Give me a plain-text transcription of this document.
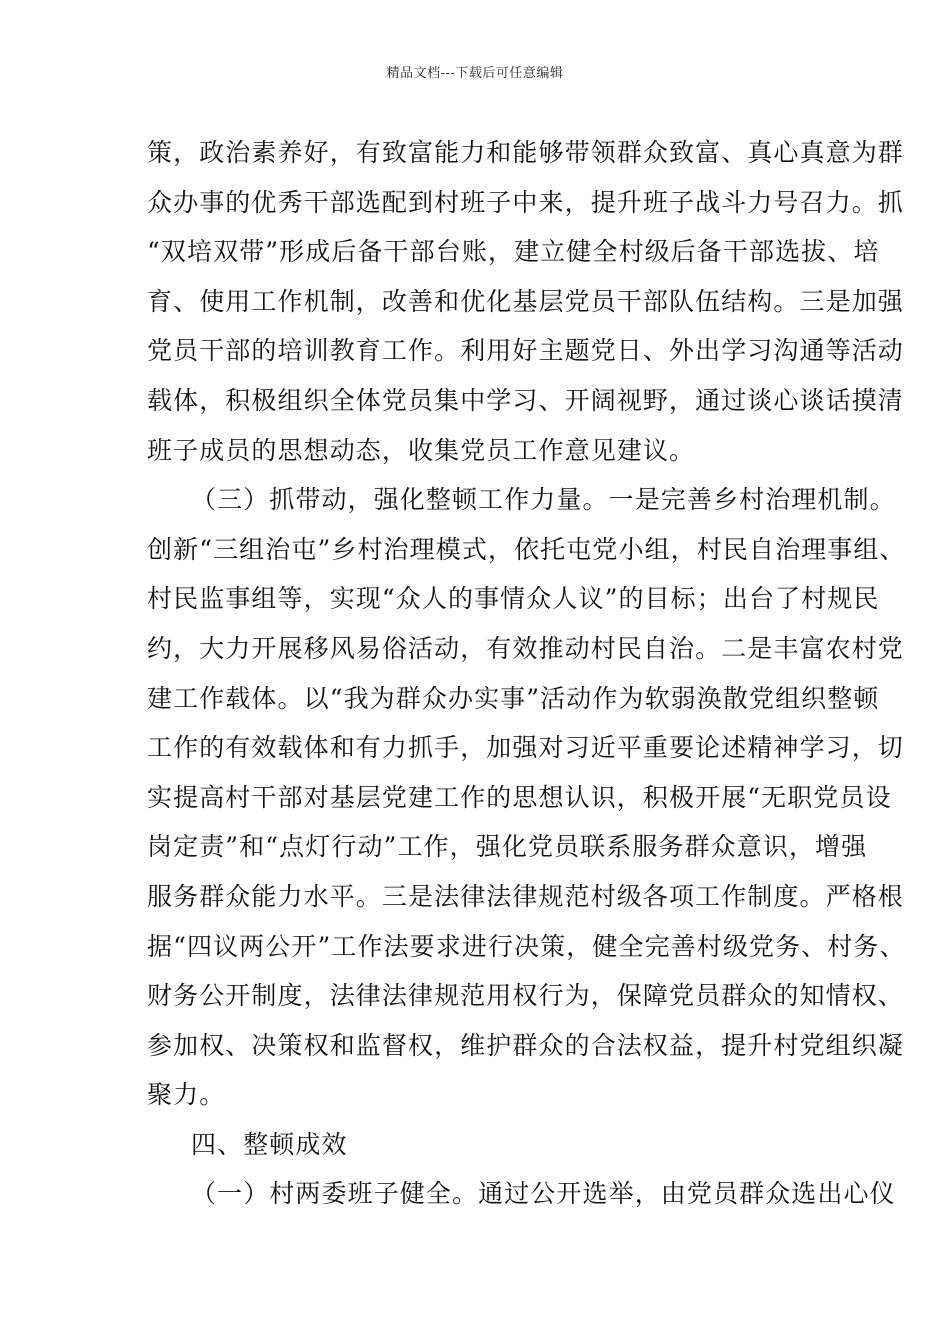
精品文档---下载后可任意编辑
策，政治素养好，有致富能力和能够带领群众致富、真心真意为群
众办事的优秀干部选配到村班子中来，提升班子战斗力号召力。抓
“双培双带”形成后备干部台账，建立健全村级后备干部选拔、培
育、使用工作机制，改善和优化基层党员干部队伍结构。三是加强
党员干部的培训教育工作。利用好主题党日、外出学习沟通等活动
载体，积极组织全体党员集中学习、开阔视野，通过谈心谈话摸清
班子成员的思想动态，收集党员工作意见建议。
（三）抓带动，强化整顿工作力量。一是完善乡村治理机制。
创新“三组治屯”乡村治理模式，依托屯党小组，村民自治理事组、
村民监事组等，实现“众人的事情众人议”的目标；出台了村规民
约，大力开展移风易俗活动，有效推动村民自治。二是丰富农村党
建工作载体。以“我为群众办实事”活动作为软弱涣散党组织整顿
工作的有效载体和有力抓手，加强对习近平重要论述精神学习，切
实提高村干部对基层党建工作的思想认识，积极开展“无职党员设
岗定责”和“点灯行动”工作，强化党员联系服务群众意识，增强
服务群众能力水平。三是法律法律规范村级各项工作制度。严格根
据“四议两公开”工作法要求进行决策，健全完善村级党务、村务、
财务公开制度，法律法律规范用权行为，保障党员群众的知情权、
参加权、决策权和监督权，维护群众的合法权益，提升村党组织凝
聚力。
四、整顿成效
（一）村两委班子健全。通过公开选举，由党员群众选出心仪
